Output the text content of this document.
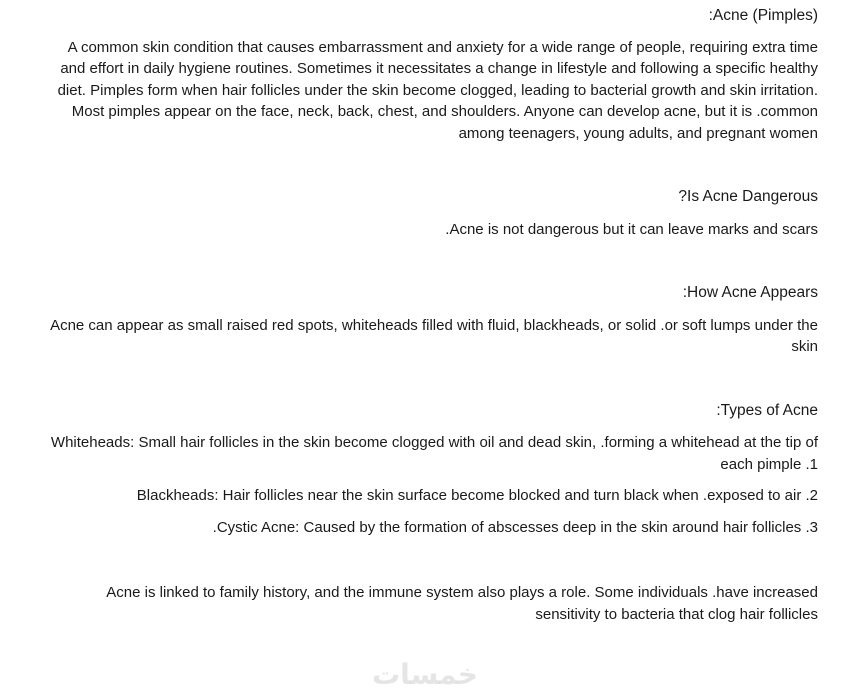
:Acne (Pimples)

A common skin condition that causes embarrassment and anxiety for a wide range of people, requiring extra time and effort in daily hygiene routines. Sometimes it necessitates a change in lifestyle and following a specific healthy diet. Pimples form when hair follicles under the skin become clogged, leading to bacterial growth and skin irritation. Most pimples appear on the face, neck, back, chest, and shoulders. Anyone can develop acne, but it is .common among teenagers, young adults, and pregnant women

?Is Acne Dangerous

.Acne is not dangerous but it can leave marks and scars

:How Acne Appears

Acne can appear as small raised red spots, whiteheads filled with fluid, blackheads, or solid .or soft lumps under the skin

:Types of Acne

Whiteheads: Small hair follicles in the skin become clogged with oil and dead skin, .forming a whitehead at the tip of each pimple .1

Blackheads: Hair follicles near the skin surface become blocked and turn black when .exposed to air .2

.Cystic Acne: Caused by the formation of abscesses deep in the skin around hair follicles .3

Acne is linked to family history, and the immune system also plays a role. Some individuals .have increased sensitivity to bacteria that clog hair follicles

خمسات
